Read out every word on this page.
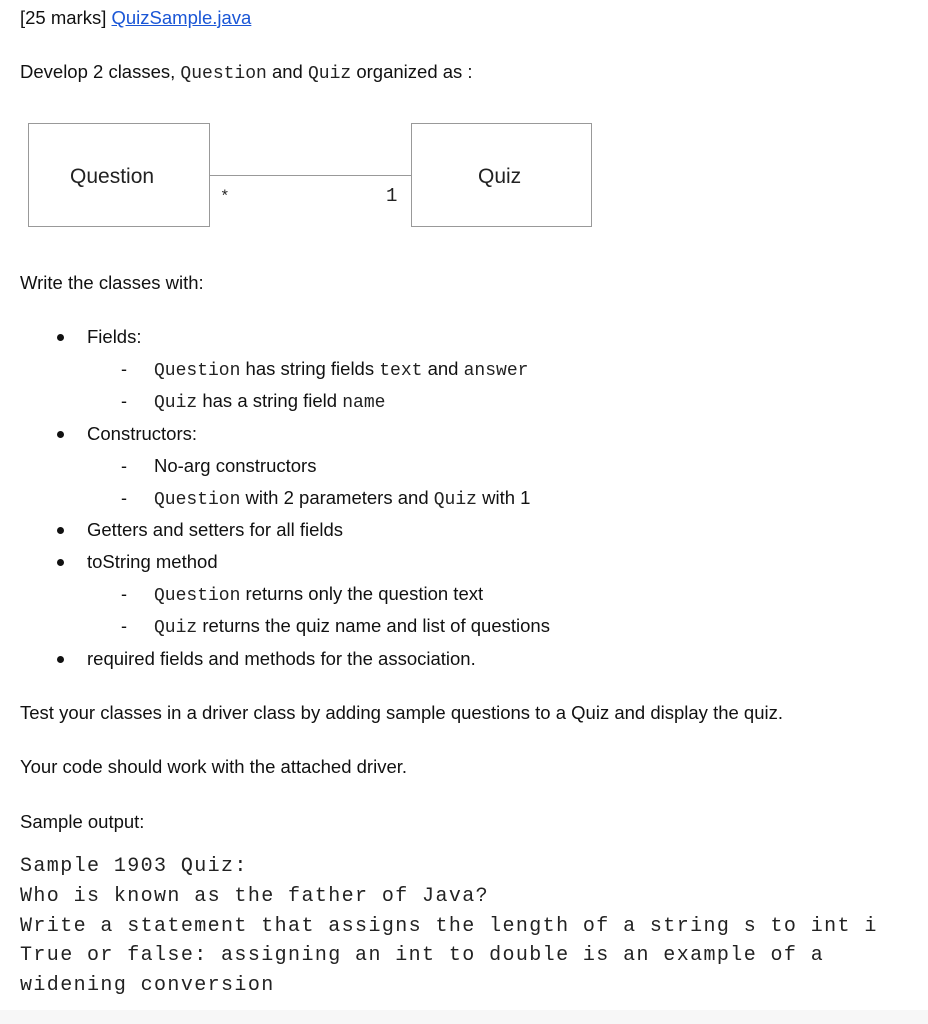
[25 marks] QuizSample.java
Develop 2 classes, Question and Quiz organized as :
Question
*	1
Quiz
Write the classes with:
Fields:
- Question has string fields text and answer
- Quiz has a string field name
Constructors:
- No-arg constructors
- Question with 2 parameters and Quiz with 1
Getters and setters for all fields
toString method
- Question returns only the question text
- Quiz returns the quiz name and list of questions
required fields and methods for the association.
Test your classes in a driver class by adding sample questions to a Quiz and display the quiz.
Your code should work with the attached driver.
Sample output:
Sample 1903 Quiz:
Who is known as the father of Java?
Write a statement that assigns the length of a string s to int i
True or false: assigning an int to double is an example of a
widening conversion
